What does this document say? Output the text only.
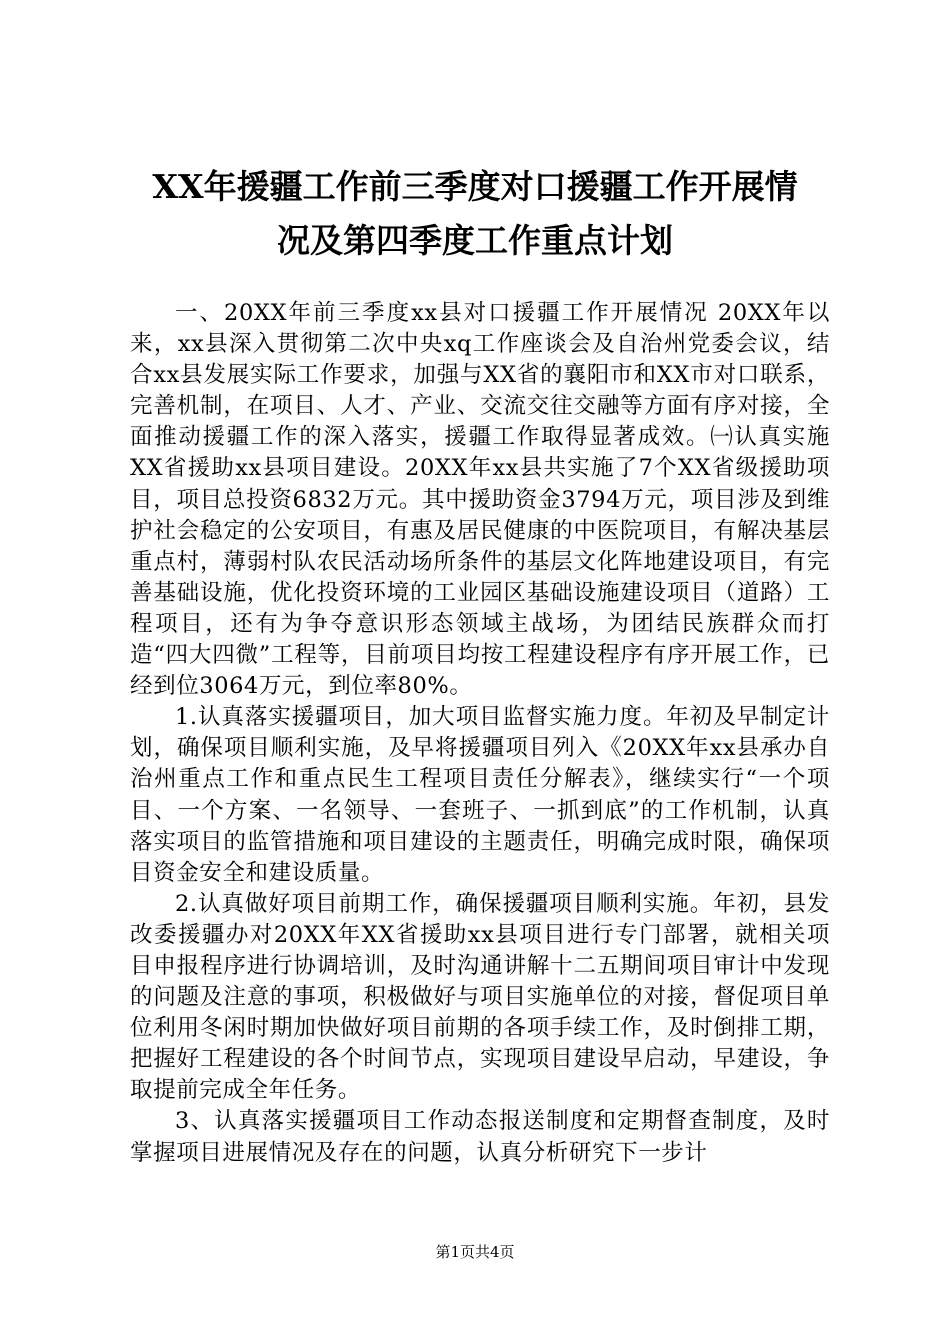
XX年援疆工作前三季度对口援疆工作开展情
况及第四季度工作重点计划

一、20XX年前三季度xx县对口援疆工作开展情况 20XX年以来，xx县深入贯彻第二次中央xq工作座谈会及自治州党委会议，结合xx县发展实际工作要求，加强与XX省的襄阳市和XX市对口联系，完善机制，在项目、人才、产业、交流交往交融等方面有序对接，全面推动援疆工作的深入落实，援疆工作取得显著成效。㈠认真实施XX省援助xx县项目建设。20XX年xx县共实施了7个XX省级援助项目，项目总投资6832万元。其中援助资金3794万元，项目涉及到维护社会稳定的公安项目，有惠及居民健康的中医院项目，有解决基层重点村，薄弱村队农民活动场所条件的基层文化阵地建设项目，有完善基础设施，优化投资环境的工业园区基础设施建设项目（道路）工程项目，还有为争夺意识形态领域主战场，为团结民族群众而打造“四大四微”工程等，目前项目均按工程建设程序有序开展工作，已经到位3064万元，到位率80%。

1.认真落实援疆项目，加大项目监督实施力度。年初及早制定计划，确保项目顺利实施，及早将援疆项目列入《20XX年xx县承办自治州重点工作和重点民生工程项目责任分解表》，继续实行“一个项目、一个方案、一名领导、一套班子、一抓到底”的工作机制，认真落实项目的监管措施和项目建设的主题责任，明确完成时限，确保项目资金安全和建设质量。

2.认真做好项目前期工作，确保援疆项目顺利实施。年初，县发改委援疆办对20XX年XX省援助xx县项目进行专门部署，就相关项目申报程序进行协调培训，及时沟通讲解十二五期间项目审计中发现的问题及注意的事项，积极做好与项目实施单位的对接，督促项目单位利用冬闲时期加快做好项目前期的各项手续工作，及时倒排工期，把握好工程建设的各个时间节点，实现项目建设早启动，早建设，争取提前完成全年任务。

3、认真落实援疆项目工作动态报送制度和定期督查制度，及时掌握项目进展情况及存在的问题，认真分析研究下一步计

第1页共4页
